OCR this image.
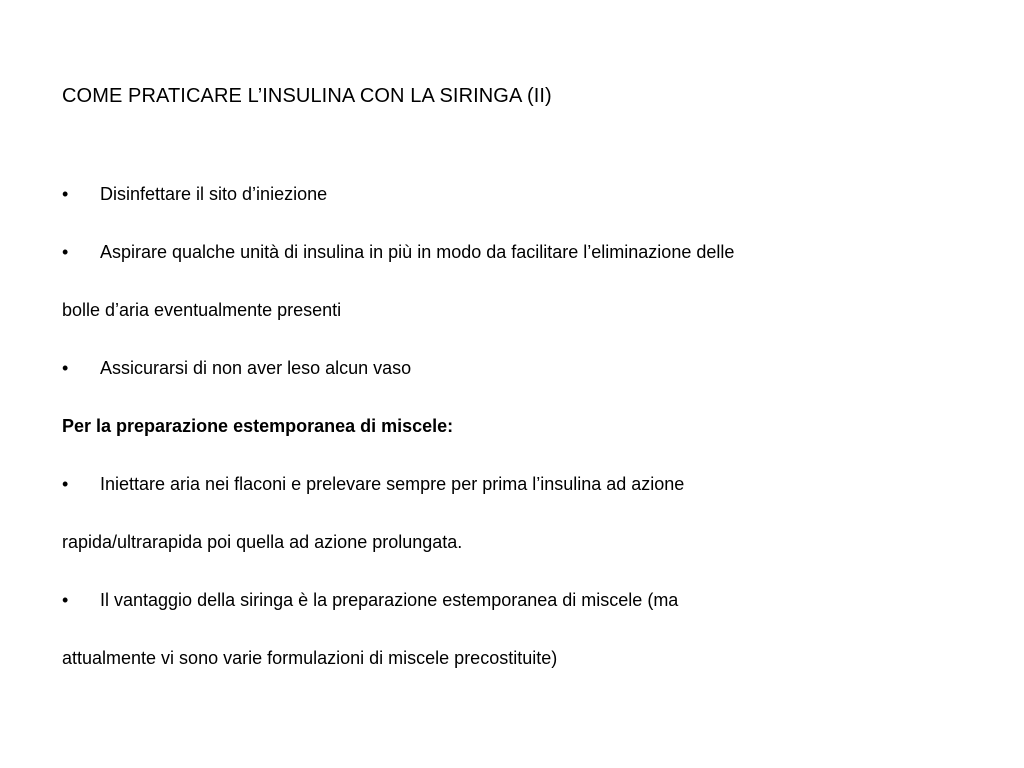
COME PRATICARE L’INSULINA CON LA SIRINGA (II)
• Disinfettare il sito d’iniezione
• Aspirare qualche unità di insulina in più in modo da facilitare l’eliminazione delle
bolle d’aria eventualmente presenti
• Assicurarsi di non aver leso alcun vaso
Per la preparazione estemporanea di miscele:
• Iniettare aria nei flaconi e prelevare sempre per prima l’insulina ad azione
rapida/ultrarapida poi quella ad azione prolungata.
• Il vantaggio della siringa è la preparazione estemporanea di miscele (ma
attualmente vi sono varie formulazioni di miscele precostituite)
